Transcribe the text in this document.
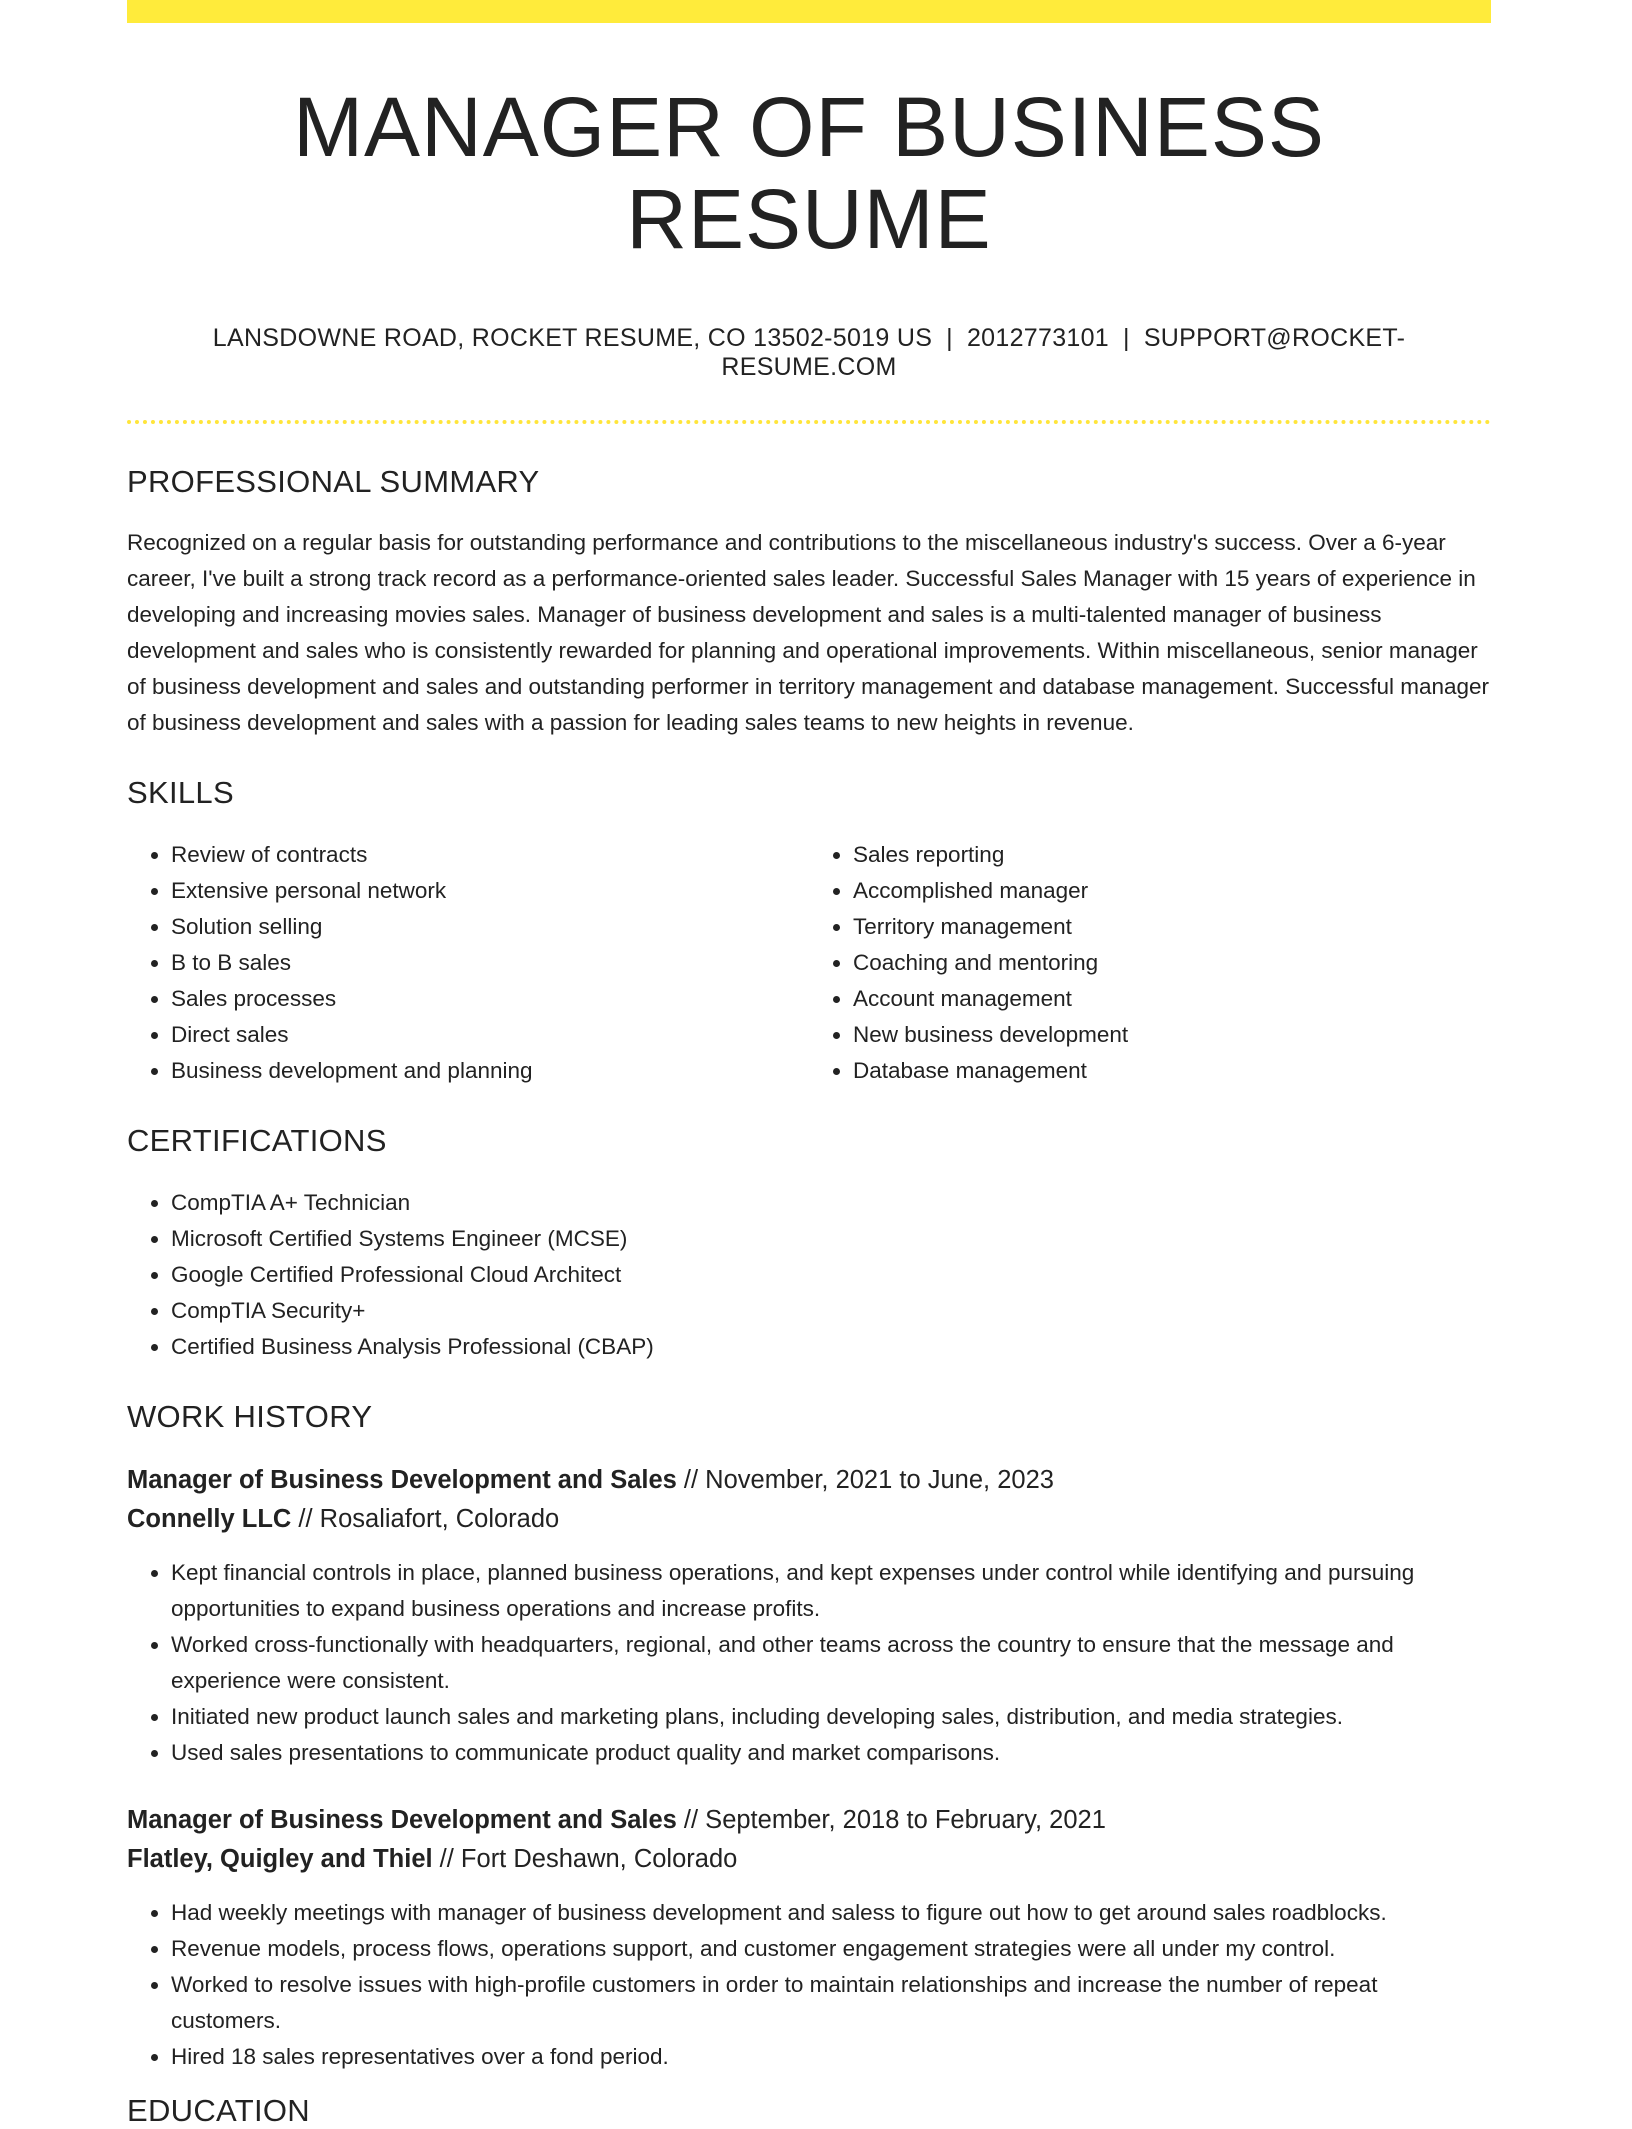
MANAGER OF BUSINESS RESUME
LANSDOWNE ROAD, ROCKET RESUME, CO 13502-5019 US | 2012773101 | SUPPORT@ROCKET-RESUME.COM
PROFESSIONAL SUMMARY
Recognized on a regular basis for outstanding performance and contributions to the miscellaneous industry's success. Over a 6-year career, I've built a strong track record as a performance-oriented sales leader. Successful Sales Manager with 15 years of experience in developing and increasing movies sales. Manager of business development and sales is a multi-talented manager of business development and sales who is consistently rewarded for planning and operational improvements. Within miscellaneous, senior manager of business development and sales and outstanding performer in territory management and database management. Successful manager of business development and sales with a passion for leading sales teams to new heights in revenue.
SKILLS
• Review of contracts
• Extensive personal network
• Solution selling
• B to B sales
• Sales processes
• Direct sales
• Business development and planning
• Sales reporting
• Accomplished manager
• Territory management
• Coaching and mentoring
• Account management
• New business development
• Database management
CERTIFICATIONS
• CompTIA A+ Technician
• Microsoft Certified Systems Engineer (MCSE)
• Google Certified Professional Cloud Architect
• CompTIA Security+
• Certified Business Analysis Professional (CBAP)
WORK HISTORY
Manager of Business Development and Sales // November, 2021 to June, 2023
Connelly LLC // Rosaliafort, Colorado
• Kept financial controls in place, planned business operations, and kept expenses under control while identifying and pursuing opportunities to expand business operations and increase profits.
• Worked cross-functionally with headquarters, regional, and other teams across the country to ensure that the message and experience were consistent.
• Initiated new product launch sales and marketing plans, including developing sales, distribution, and media strategies.
• Used sales presentations to communicate product quality and market comparisons.
Manager of Business Development and Sales // September, 2018 to February, 2021
Flatley, Quigley and Thiel // Fort Deshawn, Colorado
• Had weekly meetings with manager of business development and saless to figure out how to get around sales roadblocks.
• Revenue models, process flows, operations support, and customer engagement strategies were all under my control.
• Worked to resolve issues with high-profile customers in order to maintain relationships and increase the number of repeat customers.
• Hired 18 sales representatives over a fond period.
EDUCATION
